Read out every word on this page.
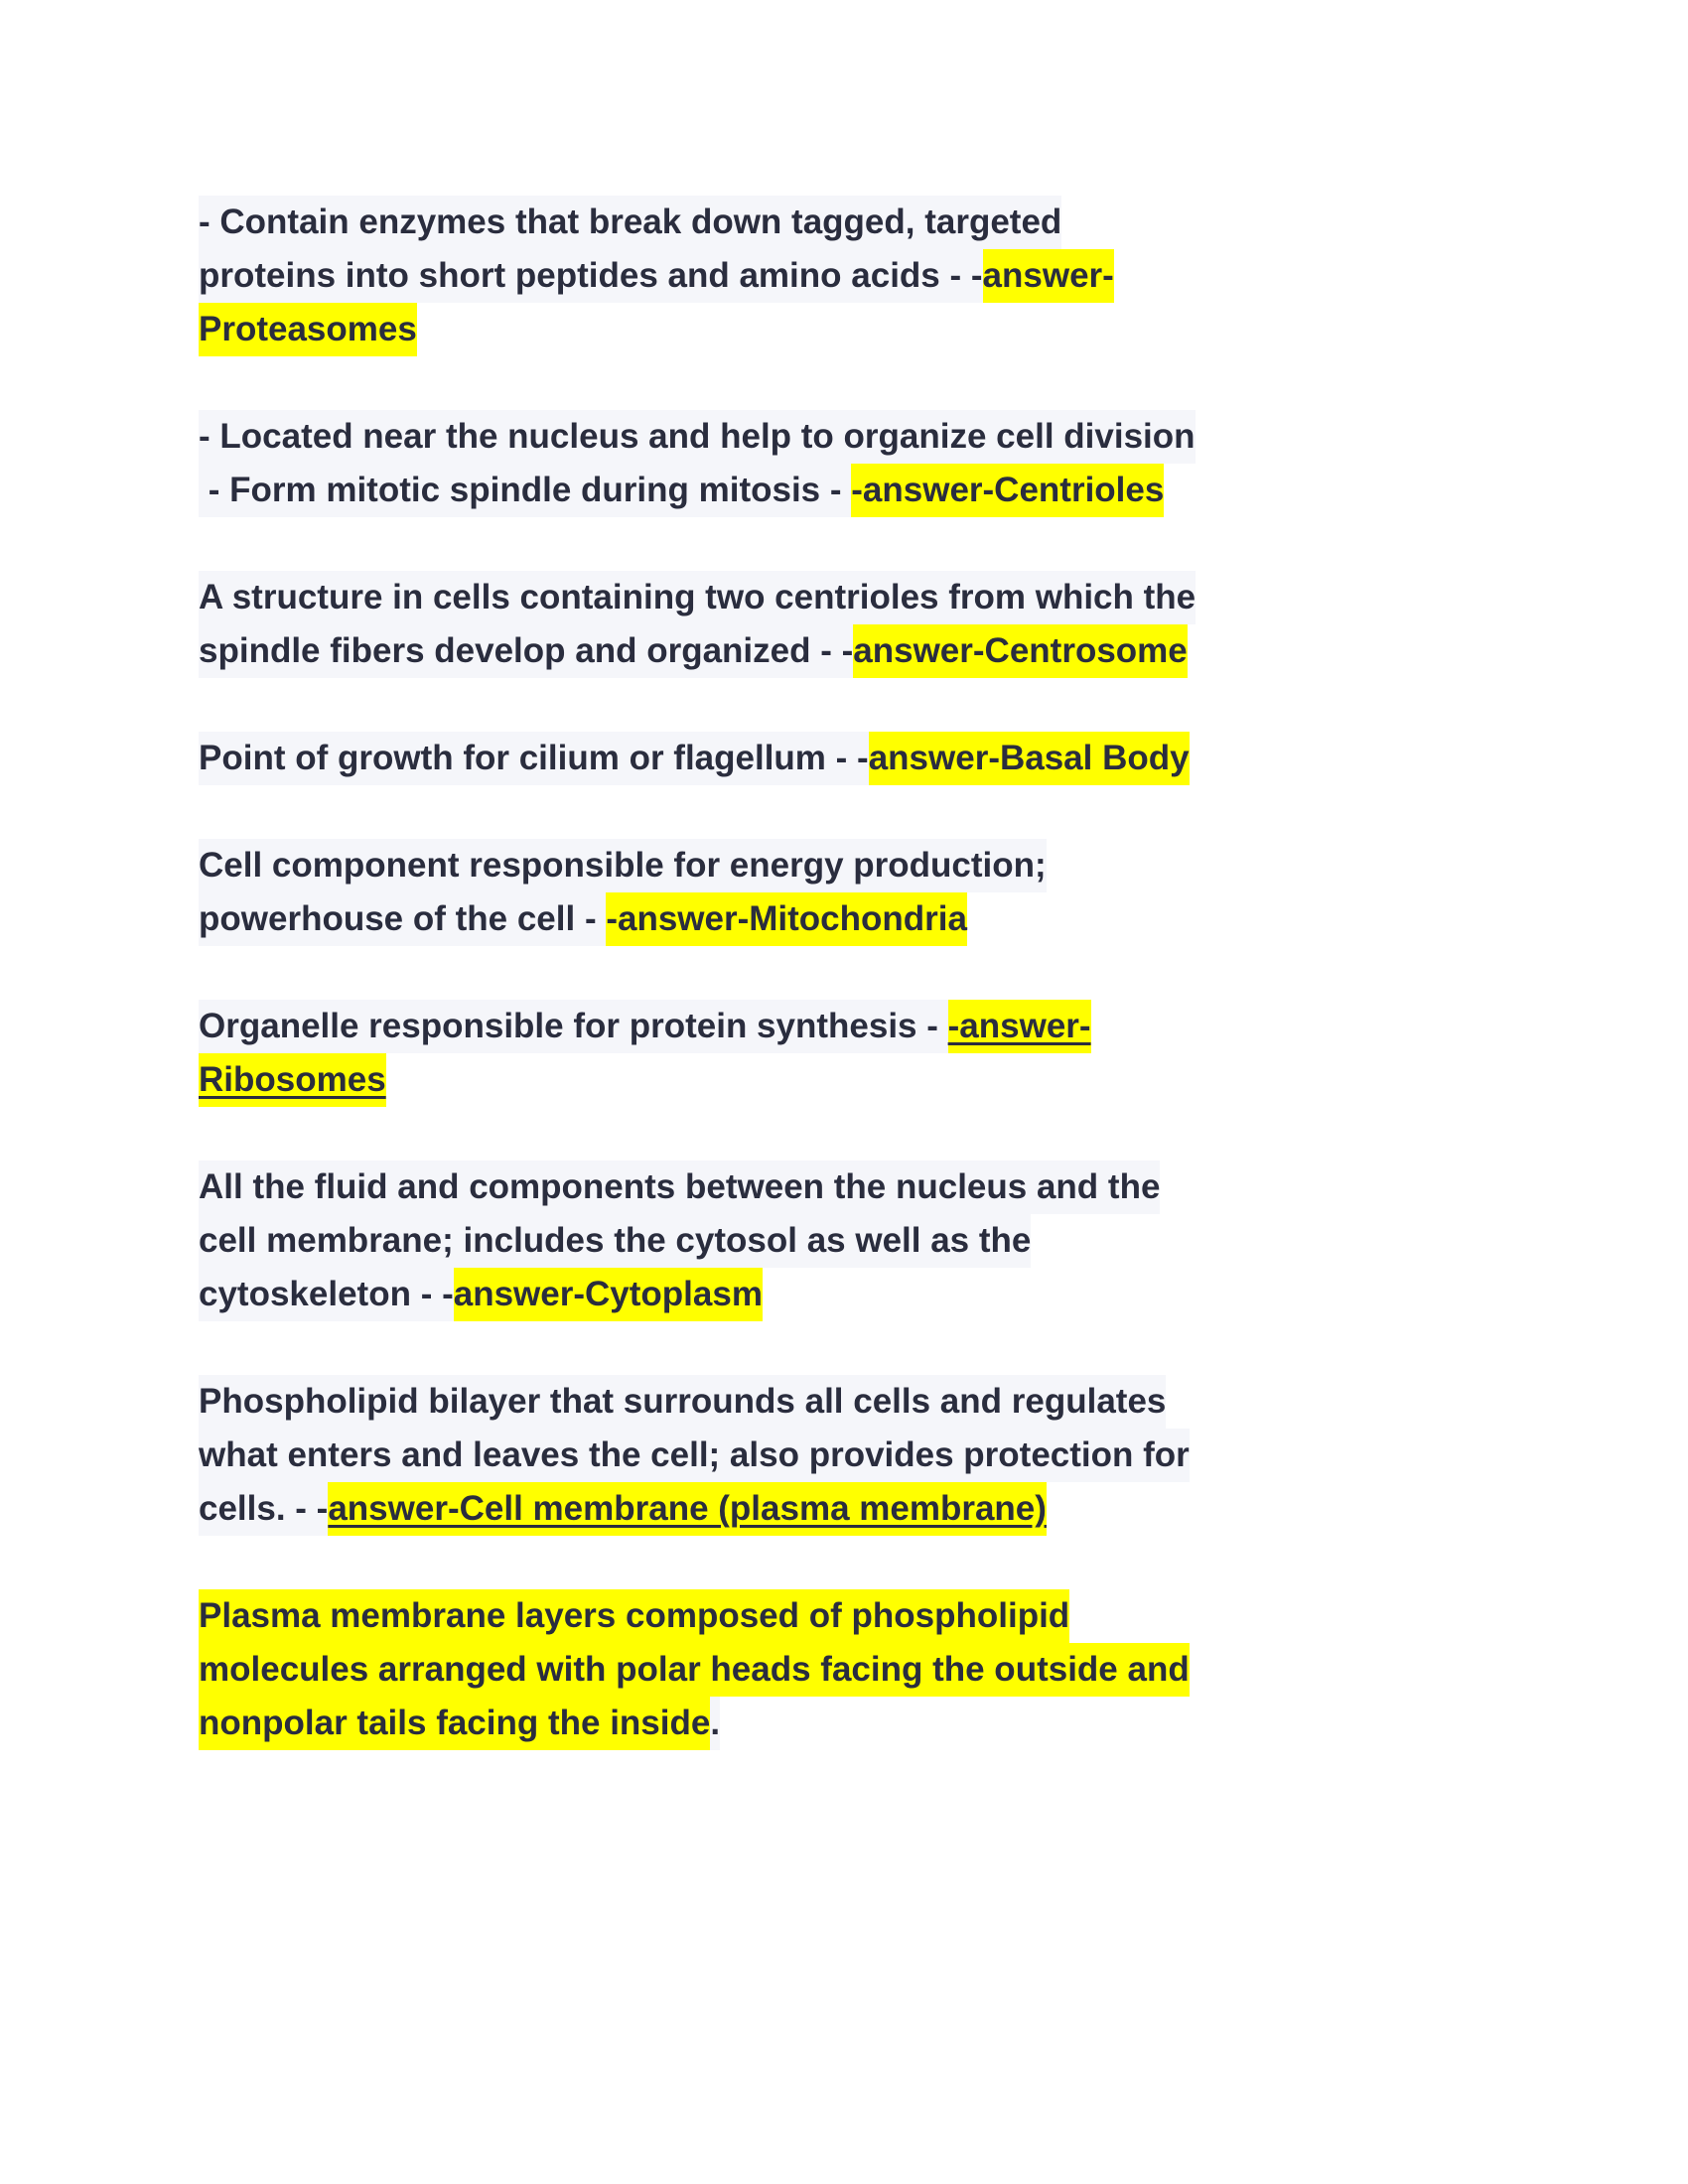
- Contain enzymes that break down tagged, targeted
proteins into short peptides and amino acids - -answer-
Proteasomes
- Located near the nucleus and help to organize cell division
- Form mitotic spindle during mitosis - -answer-Centrioles
A structure in cells containing two centrioles from which the
spindle fibers develop and organized - -answer-Centrosome
Point of growth for cilium or flagellum - -answer-Basal Body
Cell component responsible for energy production;
powerhouse of the cell - -answer-Mitochondria
Organelle responsible for protein synthesis - -answer-
Ribosomes
All the fluid and components between the nucleus and the
cell membrane; includes the cytosol as well as the
cytoskeleton - -answer-Cytoplasm
Phospholipid bilayer that surrounds all cells and regulates
what enters and leaves the cell; also provides protection for
cells. - -answer-Cell membrane (plasma membrane)
Plasma membrane layers composed of phospholipid
molecules arranged with polar heads facing the outside and
nonpolar tails facing the inside.
